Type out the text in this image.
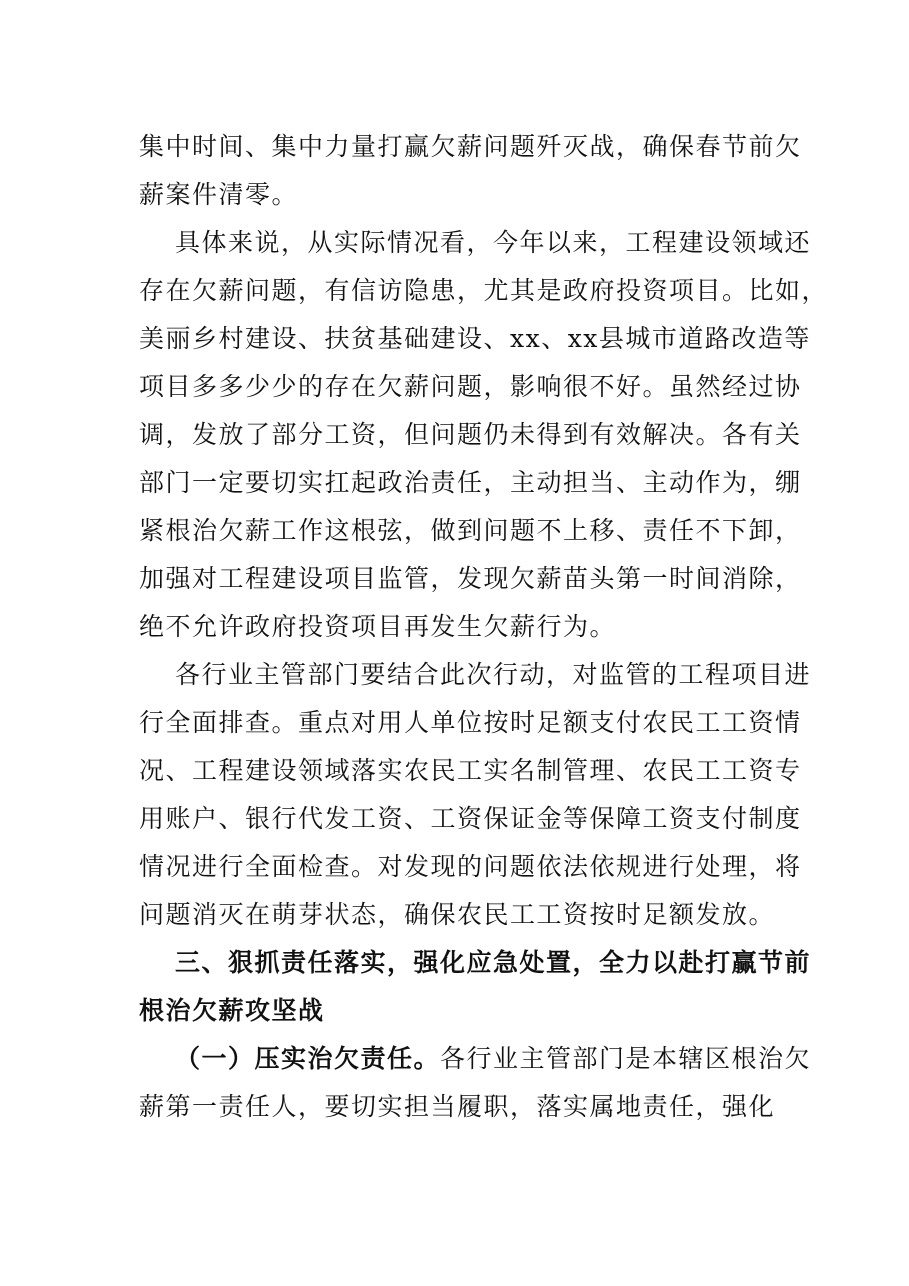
集中时间、集中力量打赢欠薪问题歼灭战，确保春节前欠
薪案件清零。
具体来说，从实际情况看，今年以来，工程建设领域还
存在欠薪问题，有信访隐患，尤其是政府投资项目。比如，
美丽乡村建设、扶贫基础建设、xx、xx县城市道路改造等
项目多多少少的存在欠薪问题，影响很不好。虽然经过协
调，发放了部分工资，但问题仍未得到有效解决。各有关
部门一定要切实扛起政治责任，主动担当、主动作为，绷
紧根治欠薪工作这根弦，做到问题不上移、责任不下卸，
加强对工程建设项目监管，发现欠薪苗头第一时间消除，
绝不允许政府投资项目再发生欠薪行为。
各行业主管部门要结合此次行动，对监管的工程项目进
行全面排查。重点对用人单位按时足额支付农民工工资情
况、工程建设领域落实农民工实名制管理、农民工工资专
用账户、银行代发工资、工资保证金等保障工资支付制度
情况进行全面检查。对发现的问题依法依规进行处理，将
问题消灭在萌芽状态，确保农民工工资按时足额发放。
三、狠抓责任落实，强化应急处置，全力以赴打赢节前
根治欠薪攻坚战
（一）压实治欠责任。各行业主管部门是本辖区根治欠
薪第一责任人，要切实担当履职，落实属地责任，强化
